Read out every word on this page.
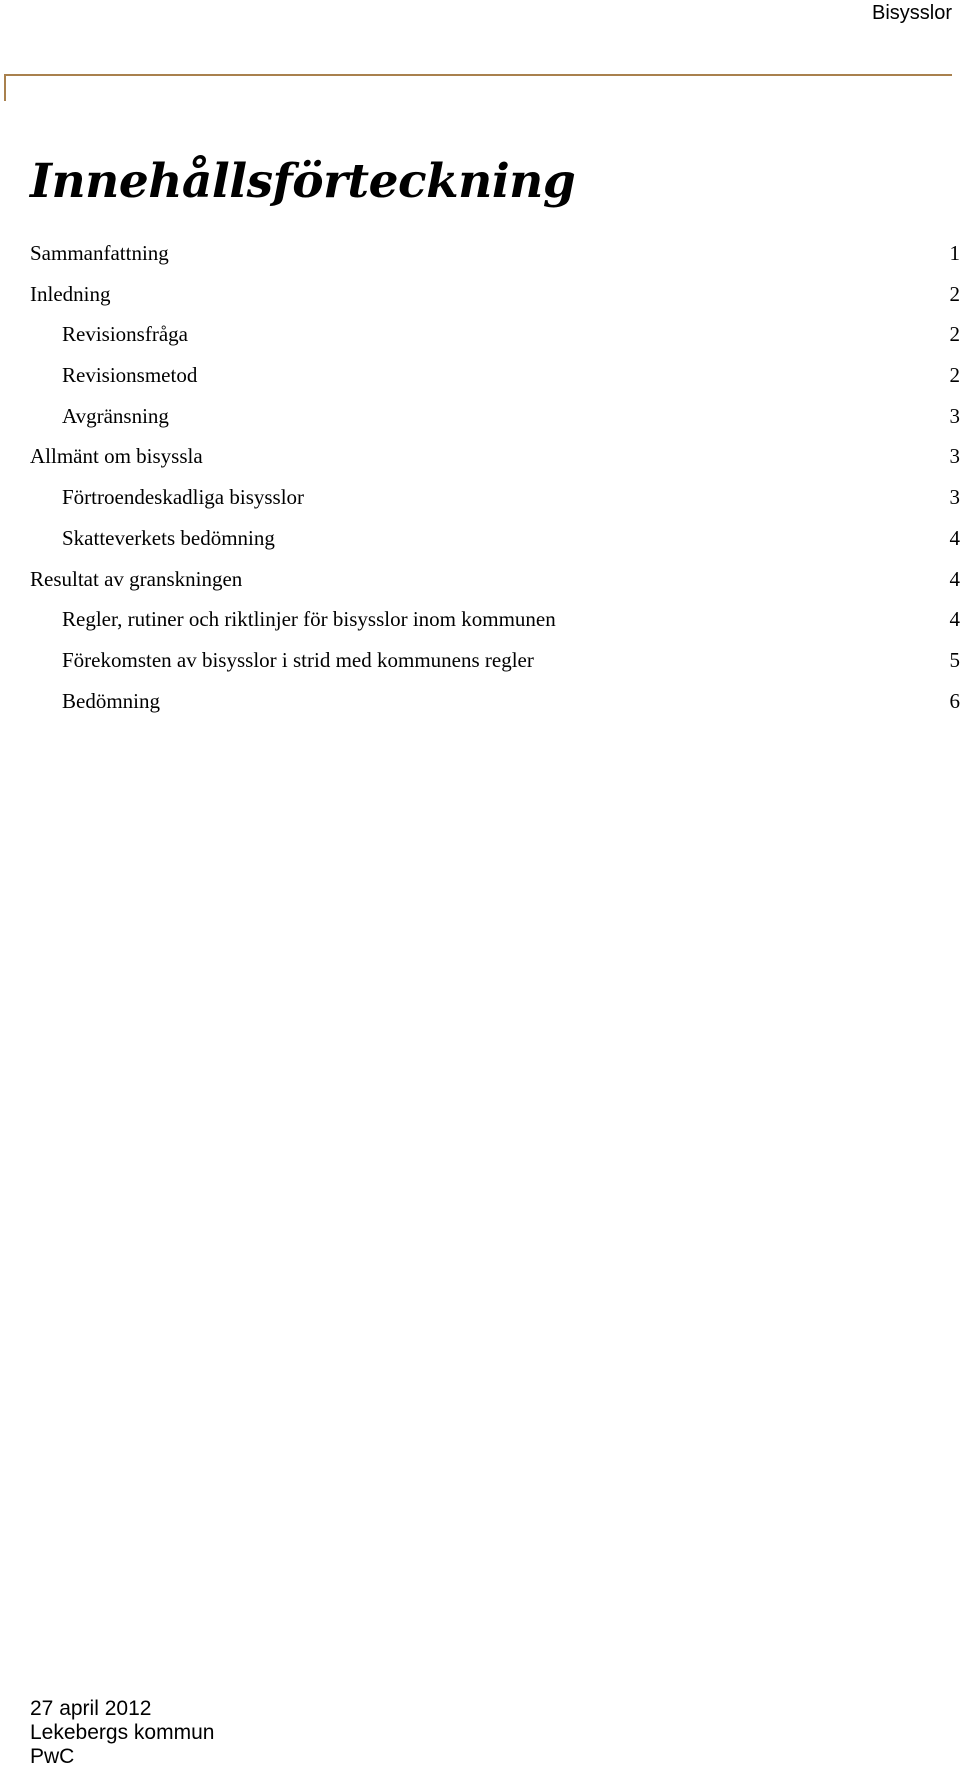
Bisysslor
Innehållsförteckning
Sammanfattning	1
Inledning	2
Revisionsfråga	2
Revisionsmetod	2
Avgränsning	3
Allmänt om bisyssla	3
Förtroendeskadliga bisysslor	3
Skatteverkets bedömning	4
Resultat av granskningen	4
Regler, rutiner och riktlinjer för bisysslor inom kommunen	4
Förekomsten av bisysslor i strid med kommunens regler	5
Bedömning	6
27 april 2012
Lekebergs kommun
PwC
